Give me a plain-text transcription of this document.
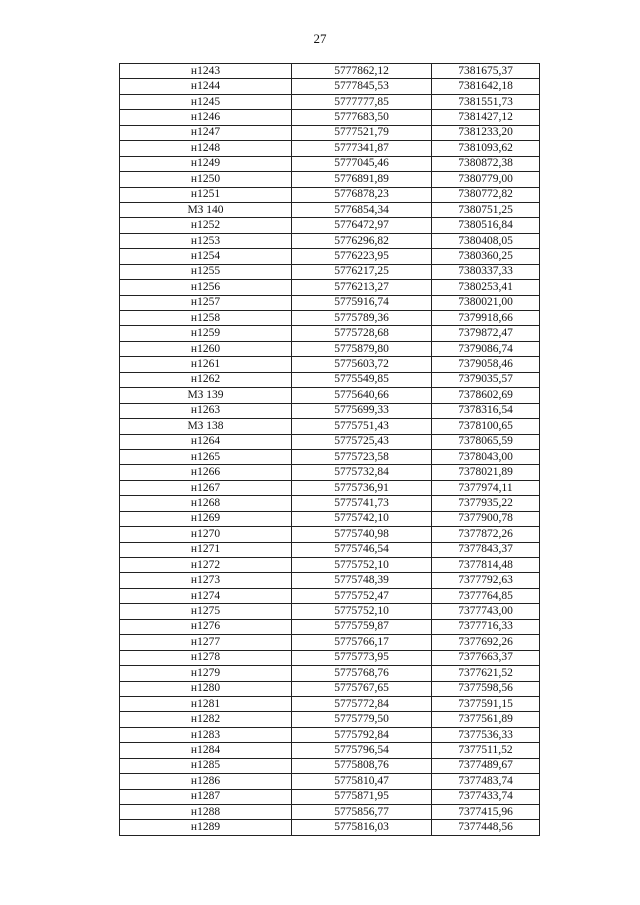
27
н1243	5777862,12	7381675,37
н1244	5777845,53	7381642,18
н1245	5777777,85	7381551,73
н1246	5777683,50	7381427,12
н1247	5777521,79	7381233,20
н1248	5777341,87	7381093,62
н1249	5777045,46	7380872,38
н1250	5776891,89	7380779,00
н1251	5776878,23	7380772,82
МЗ 140	5776854,34	7380751,25
н1252	5776472,97	7380516,84
н1253	5776296,82	7380408,05
н1254	5776223,95	7380360,25
н1255	5776217,25	7380337,33
н1256	5776213,27	7380253,41
н1257	5775916,74	7380021,00
н1258	5775789,36	7379918,66
н1259	5775728,68	7379872,47
н1260	5775879,80	7379086,74
н1261	5775603,72	7379058,46
н1262	5775549,85	7379035,57
МЗ 139	5775640,66	7378602,69
н1263	5775699,33	7378316,54
МЗ 138	5775751,43	7378100,65
н1264	5775725,43	7378065,59
н1265	5775723,58	7378043,00
н1266	5775732,84	7378021,89
н1267	5775736,91	7377974,11
н1268	5775741,73	7377935,22
н1269	5775742,10	7377900,78
н1270	5775740,98	7377872,26
н1271	5775746,54	7377843,37
н1272	5775752,10	7377814,48
н1273	5775748,39	7377792,63
н1274	5775752,47	7377764,85
н1275	5775752,10	7377743,00
н1276	5775759,87	7377716,33
н1277	5775766,17	7377692,26
н1278	5775773,95	7377663,37
н1279	5775768,76	7377621,52
н1280	5775767,65	7377598,56
н1281	5775772,84	7377591,15
н1282	5775779,50	7377561,89
н1283	5775792,84	7377536,33
н1284	5775796,54	7377511,52
н1285	5775808,76	7377489,67
н1286	5775810,47	7377483,74
н1287	5775871,95	7377433,74
н1288	5775856,77	7377415,96
н1289	5775816,03	7377448,56
